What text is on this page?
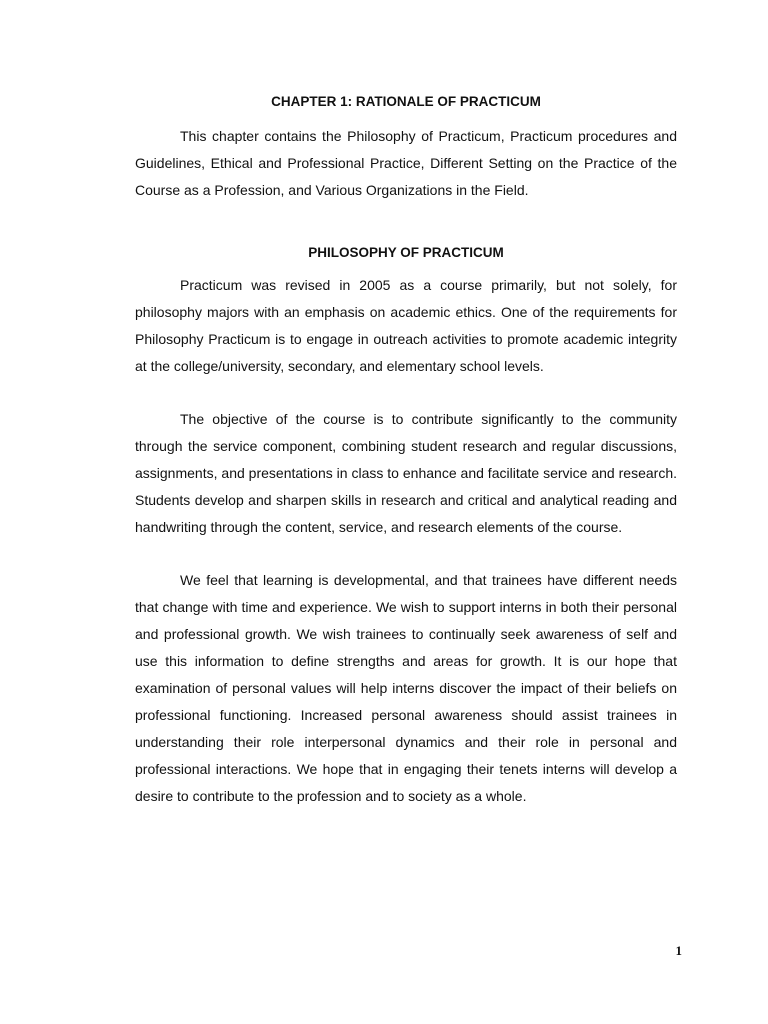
CHAPTER 1: RATIONALE OF PRACTICUM

This chapter contains the Philosophy of Practicum, Practicum procedures and Guidelines, Ethical and Professional Practice, Different Setting on the Practice of the Course as a Profession, and Various Organizations in the Field.

PHILOSOPHY OF PRACTICUM

Practicum was revised in 2005 as a course primarily, but not solely, for philosophy majors with an emphasis on academic ethics. One of the requirements for Philosophy Practicum is to engage in outreach activities to promote academic integrity at the college/university, secondary, and elementary school levels.

The objective of the course is to contribute significantly to the community through the service component, combining student research and regular discussions, assignments, and presentations in class to enhance and facilitate service and research. Students develop and sharpen skills in research and critical and analytical reading and handwriting through the content, service, and research elements of the course.

We feel that learning is developmental, and that trainees have different needs that change with time and experience. We wish to support interns in both their personal and professional growth. We wish trainees to continually seek awareness of self and use this information to define strengths and areas for growth. It is our hope that examination of personal values will help interns discover the impact of their beliefs on professional functioning. Increased personal awareness should assist trainees in understanding their role interpersonal dynamics and their role in personal and professional interactions. We hope that in engaging their tenets interns will develop a desire to contribute to the profession and to society as a whole.

1
